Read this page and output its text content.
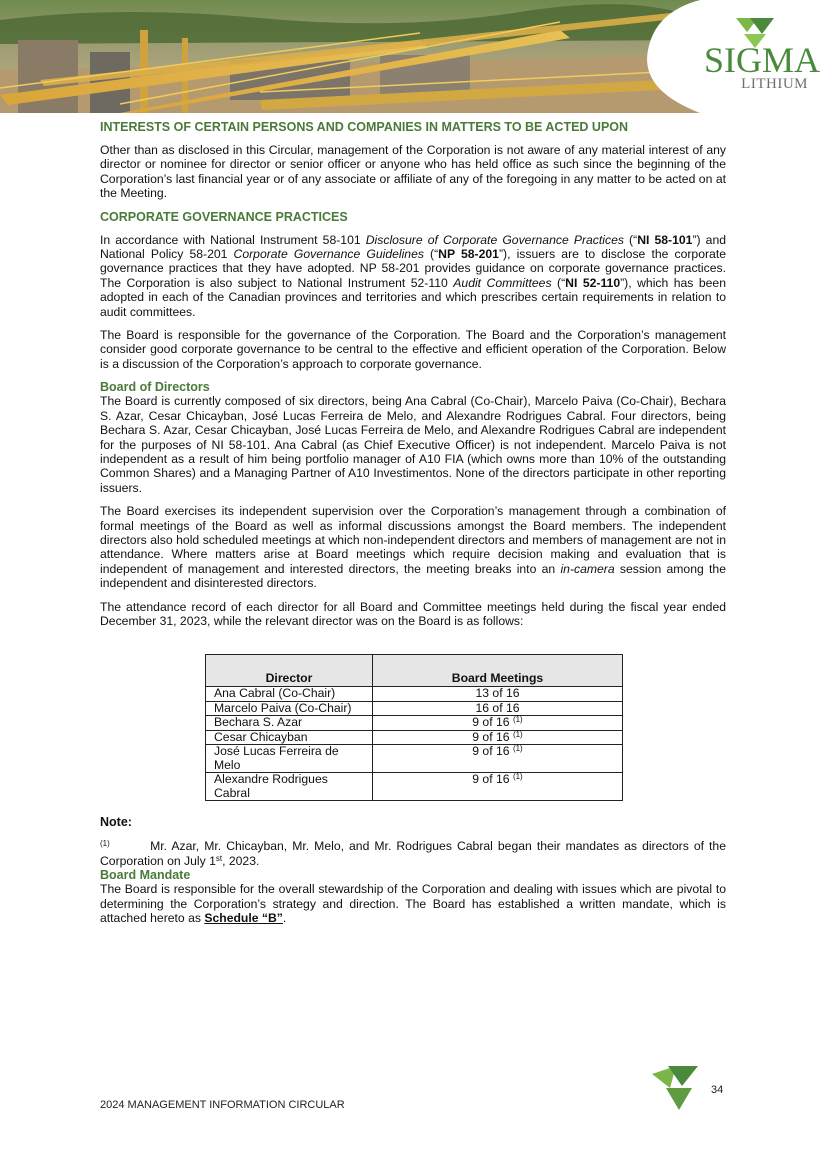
SIGMA
LITHIUM
INTERESTS OF CERTAIN PERSONS AND COMPANIES IN MATTERS TO BE ACTED UPON

Other than as disclosed in this Circular, management of the Corporation is not aware of any material interest of any director or nominee for director or senior officer or anyone who has held office as such since the beginning of the Corporation’s last financial year or of any associate or affiliate of any of the foregoing in any matter to be acted on at the Meeting.

CORPORATE GOVERNANCE PRACTICES

In accordance with National Instrument 58-101 Disclosure of Corporate Governance Practices (“NI 58-101”) and National Policy 58-201 Corporate Governance Guidelines (“NP 58-201”), issuers are to disclose the corporate governance practices that they have adopted. NP 58-201 provides guidance on corporate governance practices. The Corporation is also subject to National Instrument 52-110 Audit Committees (“NI 52-110”), which has been adopted in each of the Canadian provinces and territories and which prescribes certain requirements in relation to audit committees.

The Board is responsible for the governance of the Corporation. The Board and the Corporation’s management consider good corporate governance to be central to the effective and efficient operation of the Corporation. Below is a discussion of the Corporation’s approach to corporate governance.

Board of Directors

The Board is currently composed of six directors, being Ana Cabral (Co-Chair), Marcelo Paiva (Co-Chair), Bechara S. Azar, Cesar Chicayban, José Lucas Ferreira de Melo, and Alexandre Rodrigues Cabral. Four directors, being Bechara S. Azar, Cesar Chicayban, José Lucas Ferreira de Melo, and Alexandre Rodrigues Cabral are independent for the purposes of NI 58-101. Ana Cabral (as Chief Executive Officer) is not independent. Marcelo Paiva is not independent as a result of him being portfolio manager of A10 FIA (which owns more than 10% of the outstanding Common Shares) and a Managing Partner of A10 Investimentos. None of the directors participate in other reporting issuers.

The Board exercises its independent supervision over the Corporation’s management through a combination of formal meetings of the Board as well as informal discussions amongst the Board members. The independent directors also hold scheduled meetings at which non-independent directors and members of management are not in attendance. Where matters arise at Board meetings which require decision making and evaluation that is independent of management and interested directors, the meeting breaks into an in-camera session among the independent and disinterested directors.

The attendance record of each director for all Board and Committee meetings held during the fiscal year ended December 31, 2023, while the relevant director was on the Board is as follows:

Director	Board Meetings
Ana Cabral (Co-Chair)	13 of 16
Marcelo Paiva (Co-Chair)	16 of 16
Bechara S. Azar	9 of 16 $^{(1)}$
Cesar Chicayban	9 of 16 $^{(1)}$
José Lucas Ferreira de Melo	9 of 16 $^{(1)}$
Alexandre Rodrigues Cabral	9 of 16 $^{(1)}$
Note:

$^{(1)}$	Mr. Azar, Mr. Chicayban, Mr. Melo, and Mr. Rodrigues Cabral began their mandates as directors of the Corporation on July 1st, 2023.

Board Mandate

The Board is responsible for the overall stewardship of the Corporation and dealing with issues which are pivotal to determining the Corporation’s strategy and direction. The Board has established a written mandate, which is attached hereto as Schedule “B”.

34
2024 MANAGEMENT INFORMATION CIRCULAR
